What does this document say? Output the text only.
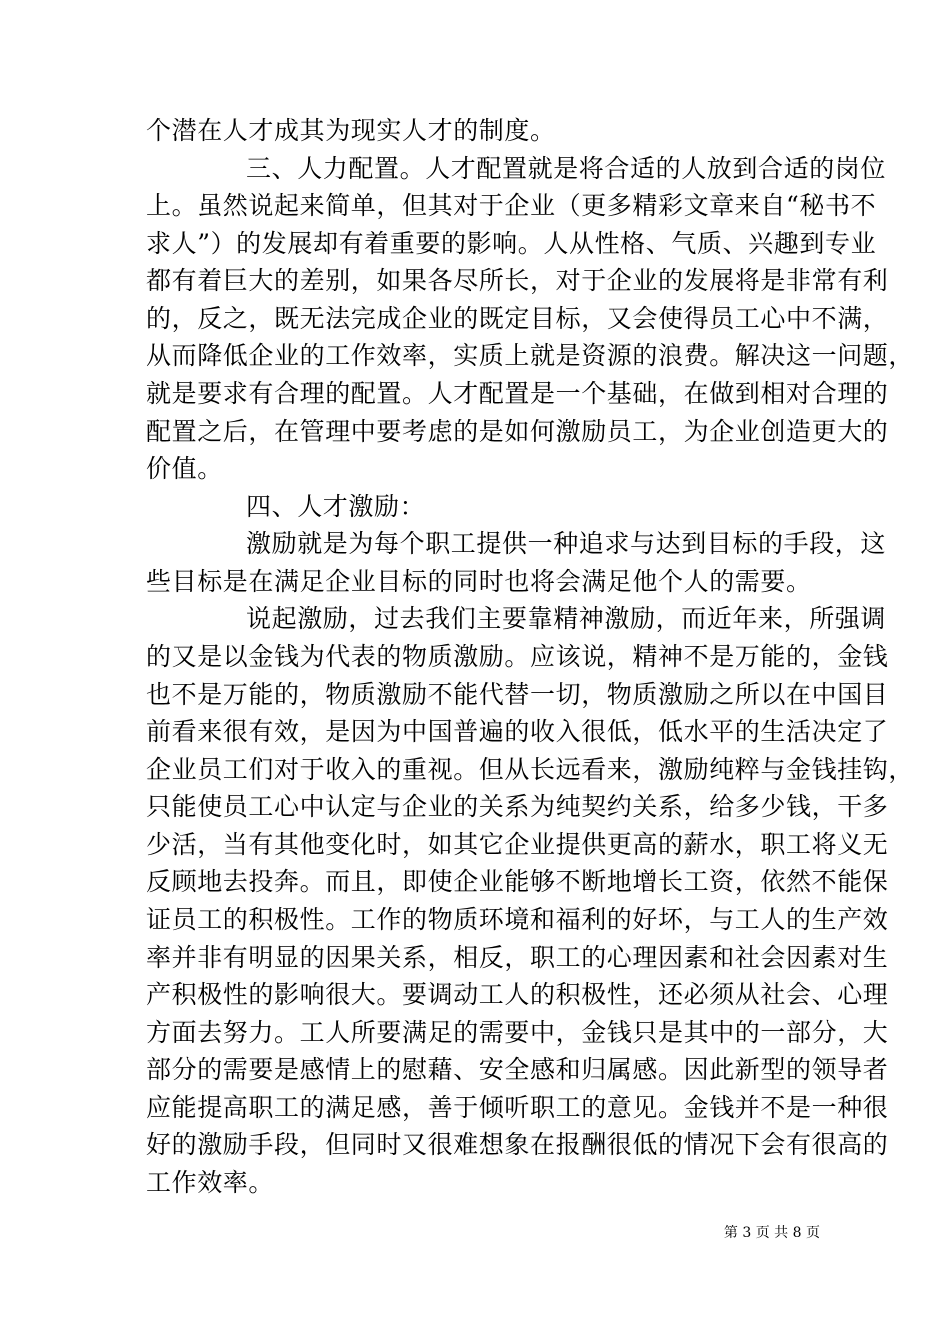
个潜在人才成其为现实人才的制度。
三、人力配置。人才配置就是将合适的人放到合适的岗位
上。虽然说起来简单，但其对于企业（更多精彩文章来自“秘书不
求人”）的发展却有着重要的影响。人从性格、气质、兴趣到专业
都有着巨大的差别，如果各尽所长，对于企业的发展将是非常有利
的，反之，既无法完成企业的既定目标，又会使得员工心中不满，
从而降低企业的工作效率，实质上就是资源的浪费。解决这一问题，
就是要求有合理的配置。人才配置是一个基础，在做到相对合理的
配置之后，在管理中要考虑的是如何激励员工，为企业创造更大的
价值。
四、人才激励：
激励就是为每个职工提供一种追求与达到目标的手段，这
些目标是在满足企业目标的同时也将会满足他个人的需要。
说起激励，过去我们主要靠精神激励，而近年来，所强调
的又是以金钱为代表的物质激励。应该说，精神不是万能的，金钱
也不是万能的，物质激励不能代替一切，物质激励之所以在中国目
前看来很有效，是因为中国普遍的收入很低，低水平的生活决定了
企业员工们对于收入的重视。但从长远看来，激励纯粹与金钱挂钩，
只能使员工心中认定与企业的关系为纯契约关系，给多少钱，干多
少活，当有其他变化时，如其它企业提供更高的薪水，职工将义无
反顾地去投奔。而且，即使企业能够不断地增长工资，依然不能保
证员工的积极性。工作的物质环境和福利的好坏，与工人的生产效
率并非有明显的因果关系，相反，职工的心理因素和社会因素对生
产积极性的影响很大。要调动工人的积极性，还必须从社会、心理
方面去努力。工人所要满足的需要中，金钱只是其中的一部分，大
部分的需要是感情上的慰藉、安全感和归属感。因此新型的领导者
应能提高职工的满足感，善于倾听职工的意见。金钱并不是一种很
好的激励手段，但同时又很难想象在报酬很低的情况下会有很高的
工作效率。
第 3 页 共 8 页
